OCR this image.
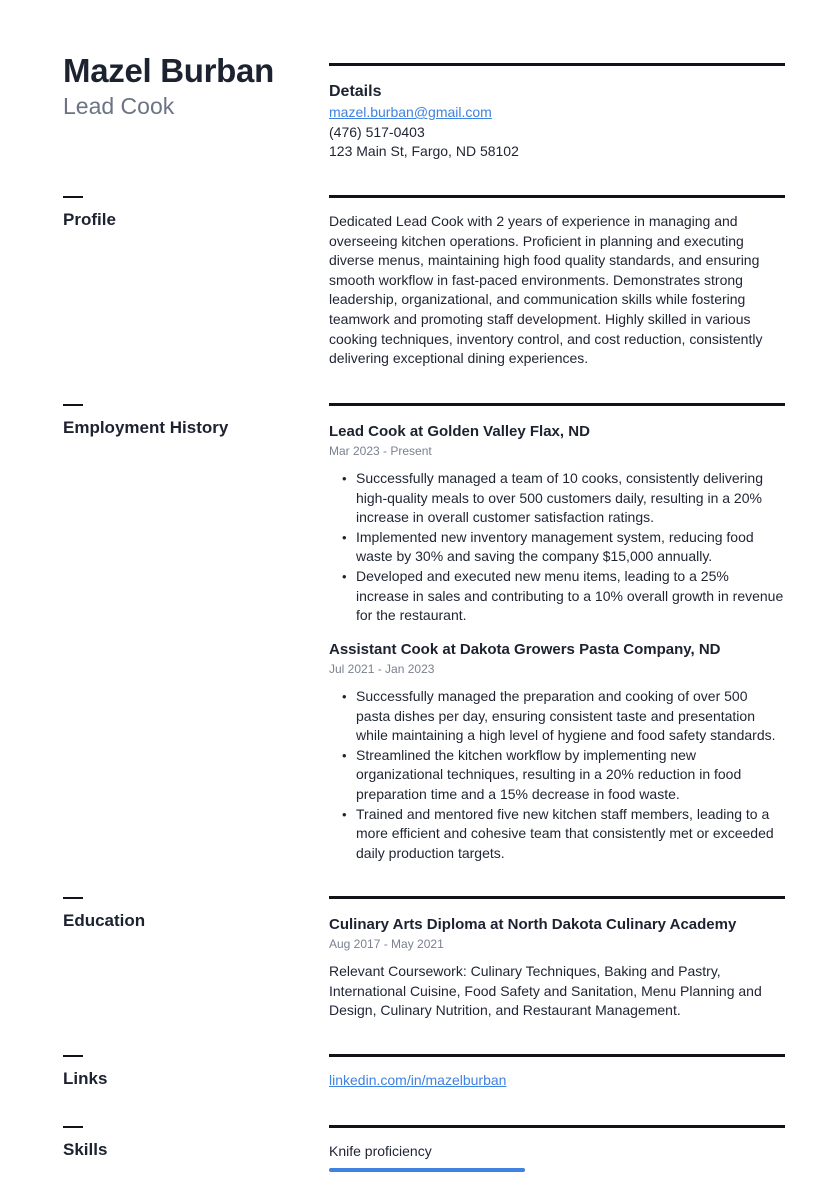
Mazel Burban
Lead Cook
Details
mazel.burban@gmail.com
(476) 517-0403
123 Main St, Fargo, ND 58102
Profile	Dedicated Lead Cook with 2 years of experience in managing and overseeing kitchen operations. Proficient in planning and executing diverse menus, maintaining high food quality standards, and ensuring smooth workflow in fast-paced environments. Demonstrates strong leadership, organizational, and communication skills while fostering teamwork and promoting staff development. Highly skilled in various cooking techniques, inventory control, and cost reduction, consistently delivering exceptional dining experiences.
Employment History	Lead Cook at Golden Valley Flax, ND
Mar 2023 - Present
• Successfully managed a team of 10 cooks, consistently delivering high-quality meals to over 500 customers daily, resulting in a 20% increase in overall customer satisfaction ratings.
• Implemented new inventory management system, reducing food waste by 30% and saving the company $15,000 annually.
• Developed and executed new menu items, leading to a 25% increase in sales and contributing to a 10% overall growth in revenue for the restaurant.
Assistant Cook at Dakota Growers Pasta Company, ND
Jul 2021 - Jan 2023
• Successfully managed the preparation and cooking of over 500 pasta dishes per day, ensuring consistent taste and presentation while maintaining a high level of hygiene and food safety standards.
• Streamlined the kitchen workflow by implementing new organizational techniques, resulting in a 20% reduction in food preparation time and a 15% decrease in food waste.
• Trained and mentored five new kitchen staff members, leading to a more efficient and cohesive team that consistently met or exceeded daily production targets.
Education	Culinary Arts Diploma at North Dakota Culinary Academy
Aug 2017 - May 2021
Relevant Coursework: Culinary Techniques, Baking and Pastry, International Cuisine, Food Safety and Sanitation, Menu Planning and Design, Culinary Nutrition, and Restaurant Management.
Links	linkedin.com/in/mazelburban
Skills	Knife proficiency
